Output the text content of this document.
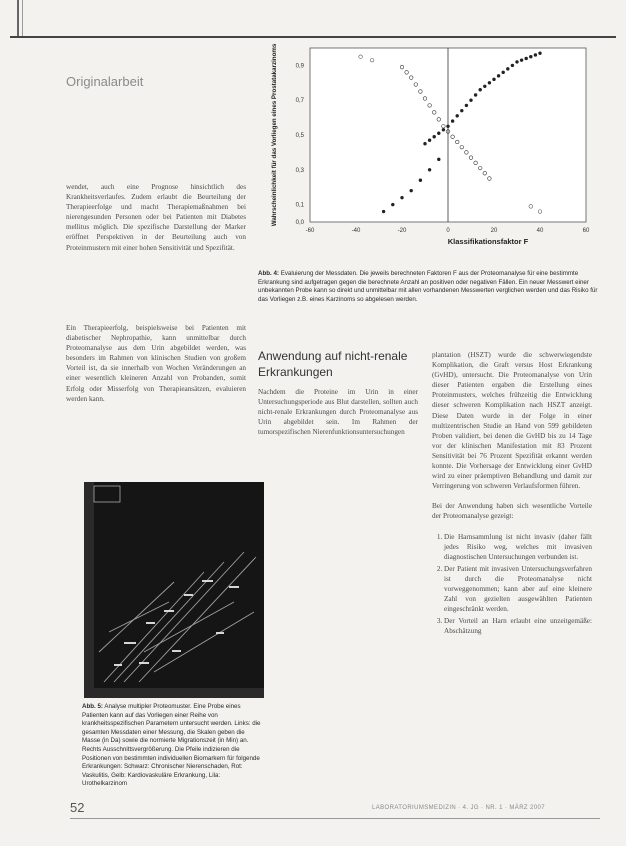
Originalarbeit

wendet, auch eine Prognose hinsichtlich des Krankheitsverlaufes. Zudem erlaubt die Beurteilung der Therapieerfolge und macht Therapiemaßnahmen bei nierengesunden Personen oder bei Patienten mit Diabetes mellitus möglich. Die spezifische Darstellung der Marker eröffnet Perspektiven in der Beurteilung auch von Proteinmustern mit einer hohen Sensitivität und Spezifität.

Ein Therapieerfolg, beispielsweise bei Patienten mit diabetischer Nephropathie, kann unmittelbar durch Proteomanalyse aus dem Urin abgebildet werden, was besonders im Rahmen von klinischen Studien von großem Vorteil ist, da sie innerhalb von Wochen Veränderungen an einer wesentlich kleineren Anzahl von Probanden, somit Erfolg oder Misserfolg von Therapieansätzen, evaluieren werden kann.

-60	-40	-20	0	20	40	60
0,9
0,7
0,5
0,3
0,1
0,0
Klassifikationsfaktor F
Wahrscheinlichkeit für das Vorliegen eines Prostatakarzinoms
Abb. 4: Evaluierung der Messdaten. Die jeweils berechneten Faktoren F aus der Proteomanalyse für eine bestimmte Erkrankung sind aufgetragen gegen die berechnete Anzahl an positiven oder negativen Fällen. Ein neuer Messwert einer unbekannten Probe kann so direkt und unmittelbar mit allen vorhandenen Messwerten verglichen werden und das Risiko für das Vorliegen z.B. eines Karzinoms so abgelesen werden.
Anwendung auf nicht-renale Erkrankungen

Nachdem die Proteine im Urin in einer Untersuchungsperiode aus Blut darstellen, sollten auch nicht-renale Erkrankungen durch Proteomanalyse aus Urin abgebildet sein. Im Rahmen der tumorspezifischen Nierenfunktionsuntersuchungen

plantation (HSZT) wurde die schwerwiegendste Komplikation, die Graft versus Host Erkrankung (GvHD), untersucht. Die Proteomanalyse von Urin dieser Patienten ergaben die Erstellung eines Proteinmusters, welches frühzeitig die Entwicklung dieser schweren Komplikation nach HSZT anzeigt. Diese Daten wurde in der Folge in einer multizentrischen Studie an Hand von 599 gebildeten Proben validiert, bei denen die GvHD bis zu 14 Tage vor der klinischen Manifestation mit 83 Prozent Sensitivität bei 76 Prozent Spezifität erkannt werden konnte. Die Vorhersage der Entwicklung einer GvHD wird zu einer präemptiven Behandlung und damit zur Verringerung von schweren Verlaufsformen führen.

Bei der Anwendung haben sich wesentliche Vorteile der Proteomanalyse gezeigt:

1. Die Harnsammlung ist nicht invasiv (daher fällt jedes Risiko weg, welches mit invasiven diagnostischen Untersuchungen verbunden ist.
2. Der Patient mit invasiven Untersuchungsverfahren ist durch die Proteomanalyse nicht vorweggenommen; kann aber auf eine kleinere Zahl von gezielten ausgewählten Patienten eingeschränkt werden.
3. Der Vorteil an Harn erlaubt eine unzeitgemäße: Abschätzung
Abb. 5: Analyse multipler Proteomuster. Eine Probe eines Patienten kann auf das Vorliegen einer Reihe von krankheitsspezifischen Parametern untersucht werden. Links: die gesamten Messdaten einer Messung, die Skalen geben die Masse (in Da) sowie die normierte Migrationszeit (in Min) an. Rechts Ausschnittsvergrößerung. Die Pfeile indizieren die Positionen von bestimmten individuellen Biomarkern für folgende Erkrankungen: Schwarz: Chronischer Nierenschaden, Rot: Vaskulitis, Gelb: Kardiovaskuläre Erkrankung, Lila: Urothelkarzinom
52	LABORATORIUMSMEDIZIN · 4. JG · NR. 1 · MÄRZ 2007
